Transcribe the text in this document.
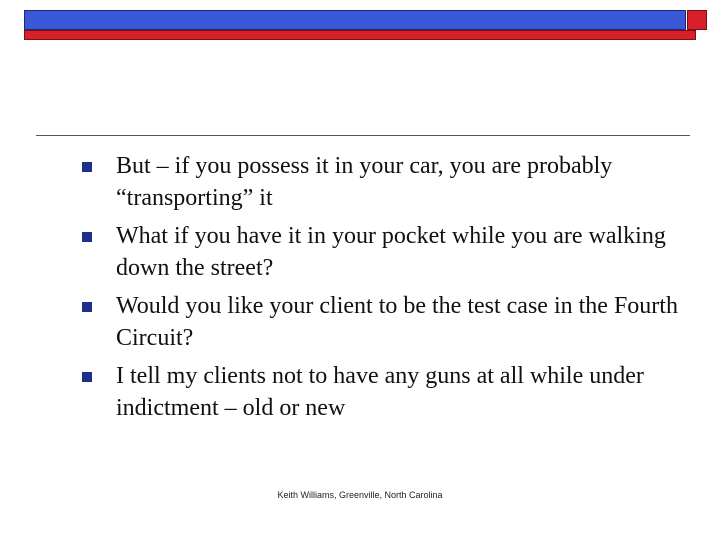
But – if you possess it in your car, you are probably “transporting” it
What if you have it in your pocket while you are walking down the street?
Would you like your client to be the test case in the Fourth Circuit?
I tell my clients not to have any guns at all while under indictment – old or new
Keith Williams, Greenville, North Carolina
